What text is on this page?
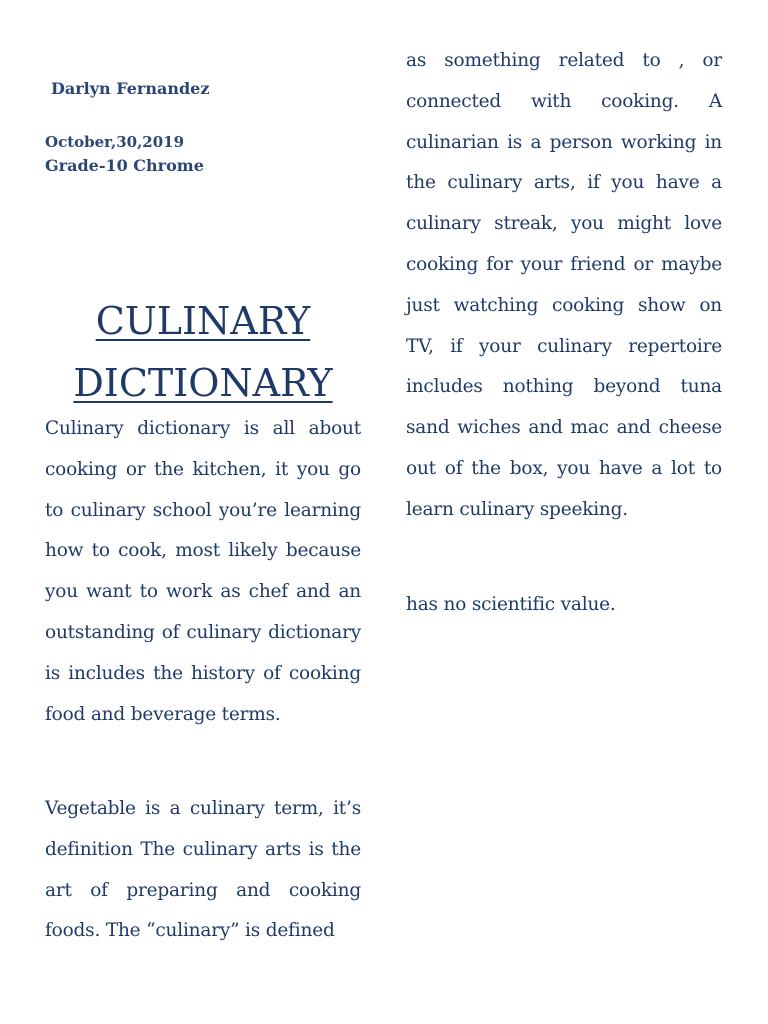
Darlyn Fernandez
October,30,2019
Grade-10 Chrome
CULINARY
DICTIONARY

Culinary dictionary is all about cooking or the kitchen, it you go to culinary school you’re learning how to cook, most likely because you want to work as chef and an outstanding of culinary dictionary is includes the history of cooking food and beverage terms.

Vegetable is a culinary term, it’s definition The culinary arts is the art of preparing and cooking foods. The “culinary” is defined

as something related to , or connected with cooking. A culinarian is a person working in the culinary arts, if you have a culinary streak, you might love cooking for your friend or maybe just watching cooking show on TV, if your culinary repertoire includes nothing beyond tuna sand wiches and mac and cheese out of the box, you have a lot to learn culinary speeking.

has no scientific value.
